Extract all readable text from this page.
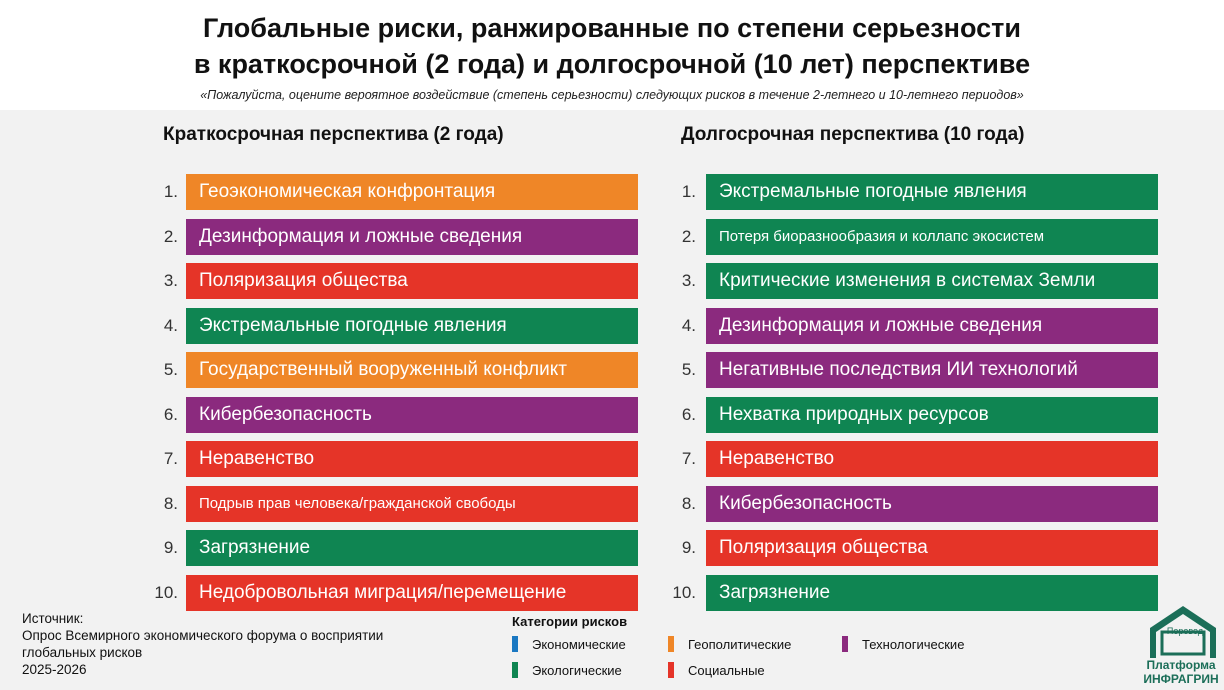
Глобальные риски, ранжированные по степени серьезности
в краткосрочной (2 года) и долгосрочной (10 лет) перспективе
«Пожалуйста, оцените вероятное воздействие (степень серьезности) следующих рисков в течение 2-летнего и 10-летнего периодов»
Краткосрочная перспектива (2 года)	Долгосрочная перспектива (10 года)
1.	Геоэкономическая конфронтация
2.	Дезинформация и ложные сведения
3.	Поляризация общества
4.	Экстремальные погодные явления
5.	Государственный вооруженный конфликт
6.	Кибербезопасность
7.	Неравенство
8.	Подрыв прав человека/гражданской свободы
9.	Загрязнение
10.	Недобровольная миграция/перемещение
1.	Экстремальные погодные явления
2.	Потеря биоразнообразия и коллапс экосистем
3.	Критические изменения в системах Земли
4.	Дезинформация и ложные сведения
5.	Негативные последствия ИИ технологий
6.	Нехватка природных ресурсов
7.	Неравенство
8.	Кибербезопасность
9.	Поляризация общества
10.	Загрязнение
Источник:
Опрос Всемирного экономического форума о восприятии
глобальных рисков
2025-2026
Категории рисков
Экономические	Геополитические	Технологические
Экологические	Социальные
Перевод
Платформа
ИНФРАГРИН
